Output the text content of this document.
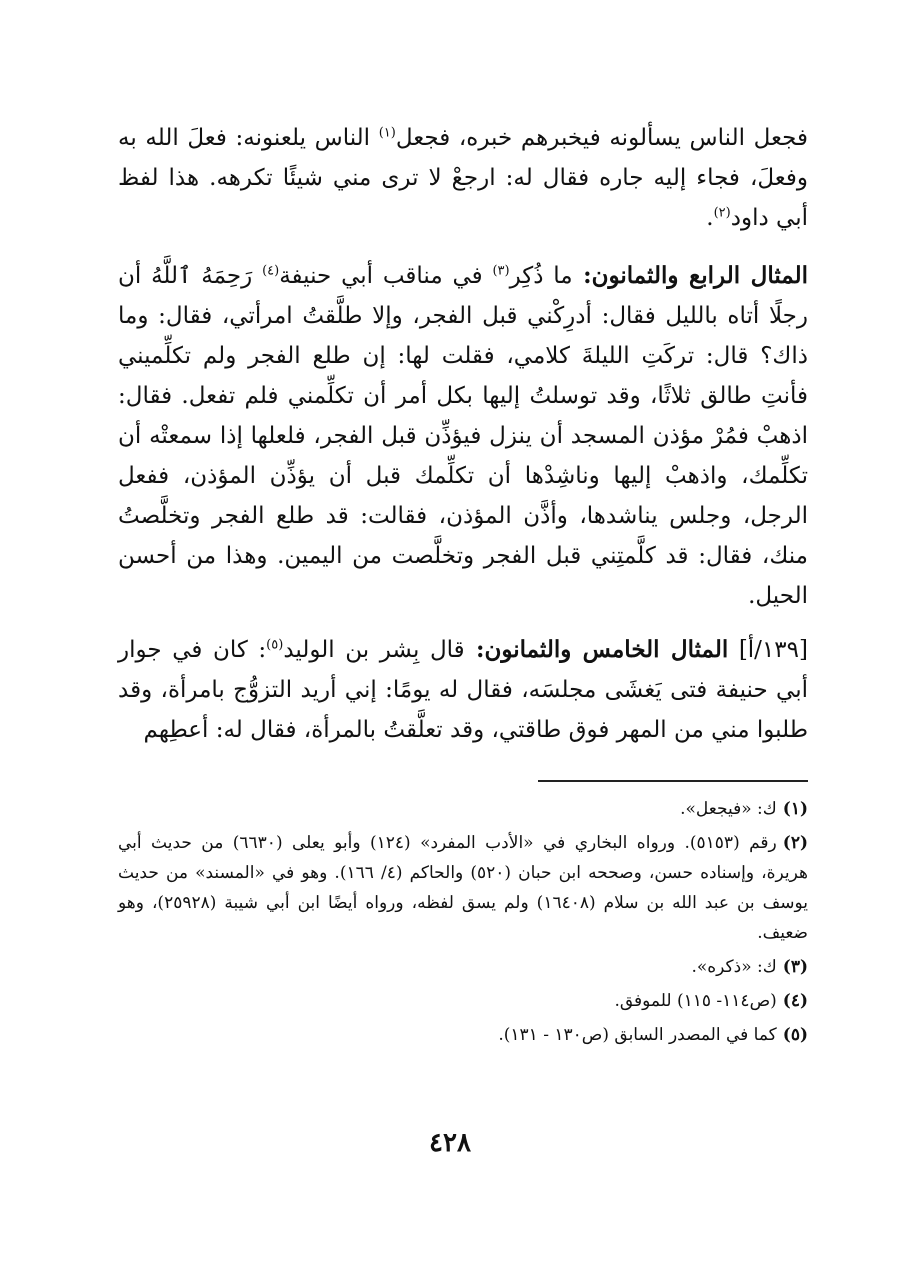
فجعل الناس يسألونه فيخبرهم خبره، فجعل$^{(١)}$ الناس يلعنونه: فعلَ الله به وفعلَ، فجاء إليه جاره فقال له: ارجعْ لا ترى مني شيئًا تكرهه. هذا لفظ أبي داود$^{(٢)}$.

المثال الرابع والثمانون: ما ذُكِر$^{(٣)}$ في مناقب أبي حنيفة$^{(٤)}$ رَحِمَهُ ٱللَّهُ أن رجلًا أتاه بالليل فقال: أدرِكْني قبل الفجر، وإلا طلَّقتُ امرأتي، فقال: وما ذاك؟ قال: تركَتِ الليلةَ كلامي، فقلت لها: إن طلع الفجر ولم تكلِّميني فأنتِ طالق ثلاثًا، وقد توسلتُ إليها بكل أمر أن تكلِّمني فلم تفعل. فقال: اذهبْ فمُرْ مؤذن المسجد أن ينزل فيؤذِّن قبل الفجر، فلعلها إذا سمعتْه أن تكلِّمك، واذهبْ إليها وناشِدْها أن تكلِّمك قبل أن يؤذِّن المؤذن، ففعل الرجل، وجلس يناشدها، وأذَّن المؤذن، فقالت: قد طلع الفجر وتخلَّصتُ منك، فقال: قد كلَّمتِني قبل الفجر وتخلَّصت من اليمين. وهذا من أحسن الحيل.

[١٣٩/أ] المثال الخامس والثمانون: قال بِشر بن الوليد$^{(٥)}$: كان في جوار أبي حنيفة فتى يَغشَى مجلسَه، فقال له يومًا: إني أريد التزوُّج بامرأة، وقد طلبوا مني من المهر فوق طاقتي، وقد تعلَّقتُ بالمرأة، فقال له: أعطِهم

(١)ك: «فيجعل».
(٢)رقم (٥١٥٣). ورواه البخاري في «الأدب المفرد» (١٢٤) وأبو يعلى (٦٦٣٠) من حديث أبي هريرة، وإسناده حسن، وصححه ابن حبان (٥٢٠) والحاكم (٤/ ١٦٦). وهو في «المسند» من حديث يوسف بن عبد الله بن سلام (١٦٤٠٨) ولم يسق لفظه، ورواه أيضًا ابن أبي شيبة (٢٥٩٢٨)، وهو ضعيف.
(٣)ك: «ذكره».
(٤)(ص١١٤- ١١٥) للموفق.
(٥)كما في المصدر السابق (ص١٣٠ - ١٣١).
٤٢٨
